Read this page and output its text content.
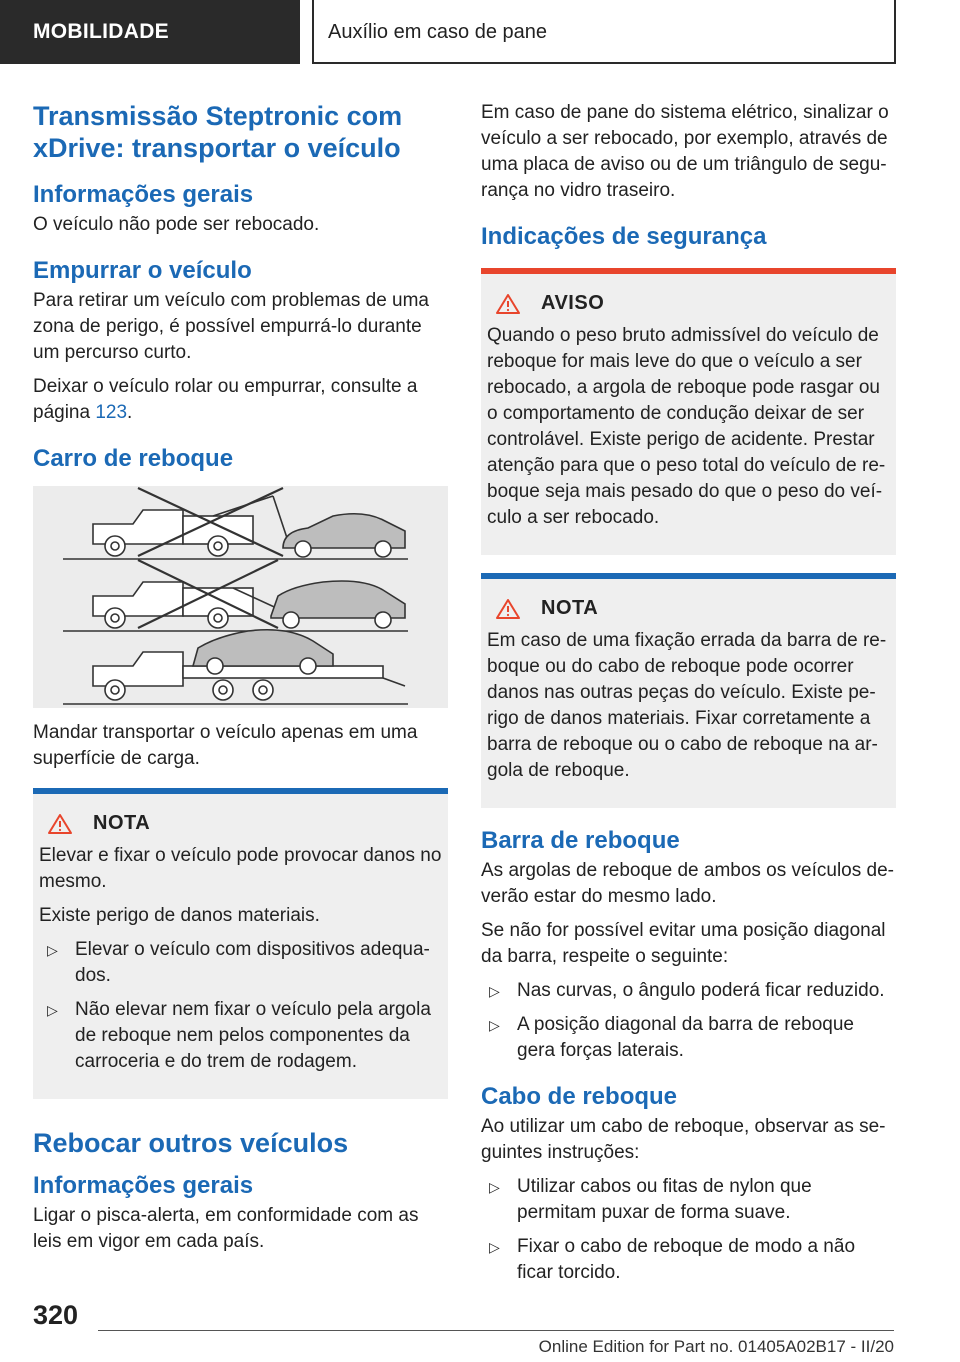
MOBILIDADE	Auxílio em caso de pane
Transmissão Steptronic com xDrive: transportar o veículo
Informações gerais

O veículo não pode ser rebocado.

Empurrar o veículo

Para retirar um veículo com problemas de uma zona de perigo, é possível empurrá-lo durante um percurso curto.

Deixar o veículo rolar ou empurrar, consulte a página 123.

Carro de reboque

Mandar transportar o veículo apenas em uma superfície de carga.

NOTA

Elevar e fixar o veículo pode provocar danos no mesmo.

Existe perigo de danos materiais.

▷ Elevar o veículo com dispositivos adequados.
▷ Não elevar nem fixar o veículo pela argola de reboque nem pelos componentes da carroceria e do trem de rodagem.
Rebocar outros veículos
Informações gerais

Ligar o pisca-alerta, em conformidade com as leis em vigor em cada país.

Em caso de pane do sistema elétrico, sinalizar o veículo a ser rebocado, por exemplo, através de uma placa de aviso ou de um triângulo de segurança no vidro traseiro.

Indicações de segurança
AVISO

Quando o peso bruto admissível do veículo de reboque for mais leve do que o veículo a ser rebocado, a argola de reboque pode rasgar ou o comportamento de condução deixar de ser controlável. Existe perigo de acidente. Prestar atenção para que o peso total do veículo de reboque seja mais pesado do que o peso do veículo a ser rebocado.

NOTA

Em caso de uma fixação errada da barra de reboque ou do cabo de reboque pode ocorrer danos nas outras peças do veículo. Existe perigo de danos materiais. Fixar corretamente a barra de reboque ou o cabo de reboque na argola de reboque.

Barra de reboque

As argolas de reboque de ambos os veículos deverão estar do mesmo lado.

Se não for possível evitar uma posição diagonal da barra, respeite o seguinte:

▷ Nas curvas, o ângulo poderá ficar reduzido.
▷ A posição diagonal da barra de reboque gera forças laterais.
Cabo de reboque

Ao utilizar um cabo de reboque, observar as seguintes instruções:

▷ Utilizar cabos ou fitas de nylon que permitam puxar de forma suave.
▷ Fixar o cabo de reboque de modo a não ficar torcido.
320
Online Edition for Part no. 01405A02B17 - II/20
